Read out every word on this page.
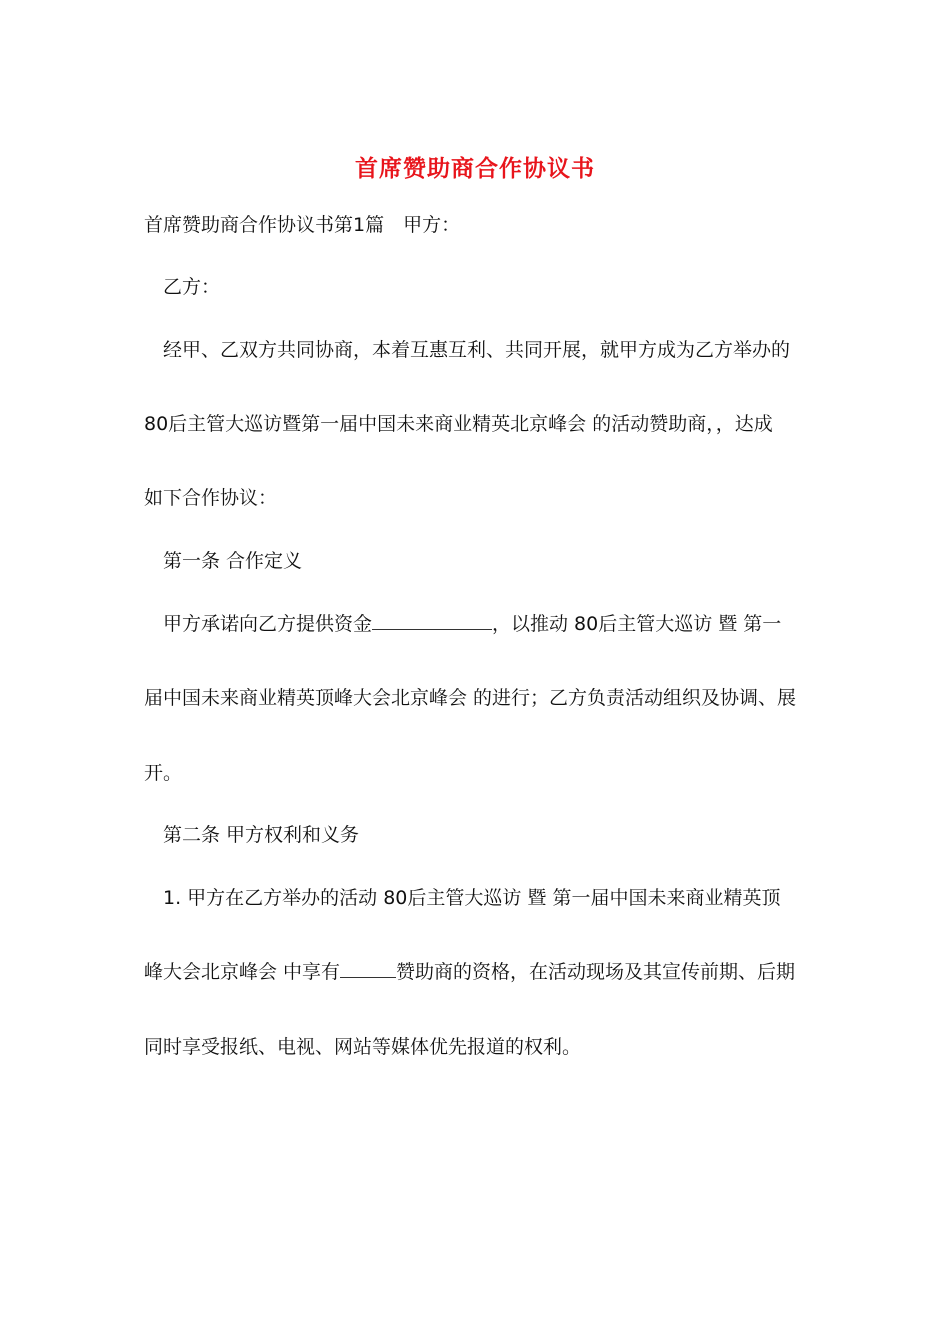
首席赞助商合作协议书
首席赞助商合作协议书第1篇　甲方：
乙方：
经甲、乙双方共同协商，本着互惠互利、共同开展，就甲方成为乙方举办的
80后主管大巡访暨第一届中国未来商业精英北京峰会 的活动赞助商，，达成
如下合作协议：
第一条 合作定义
甲方承诺向乙方提供资金	，以推动 80后主管大巡访 暨 第一
届中国未来商业精英顶峰大会北京峰会 的进行；乙方负责活动组织及协调、展
开。
第二条 甲方权利和义务
1. 甲方在乙方举办的活动 80后主管大巡访 暨 第一届中国未来商业精英顶
峰大会北京峰会 中享有	赞助商的资格，在活动现场及其宣传前期、后期
同时享受报纸、电视、网站等媒体优先报道的权利。
